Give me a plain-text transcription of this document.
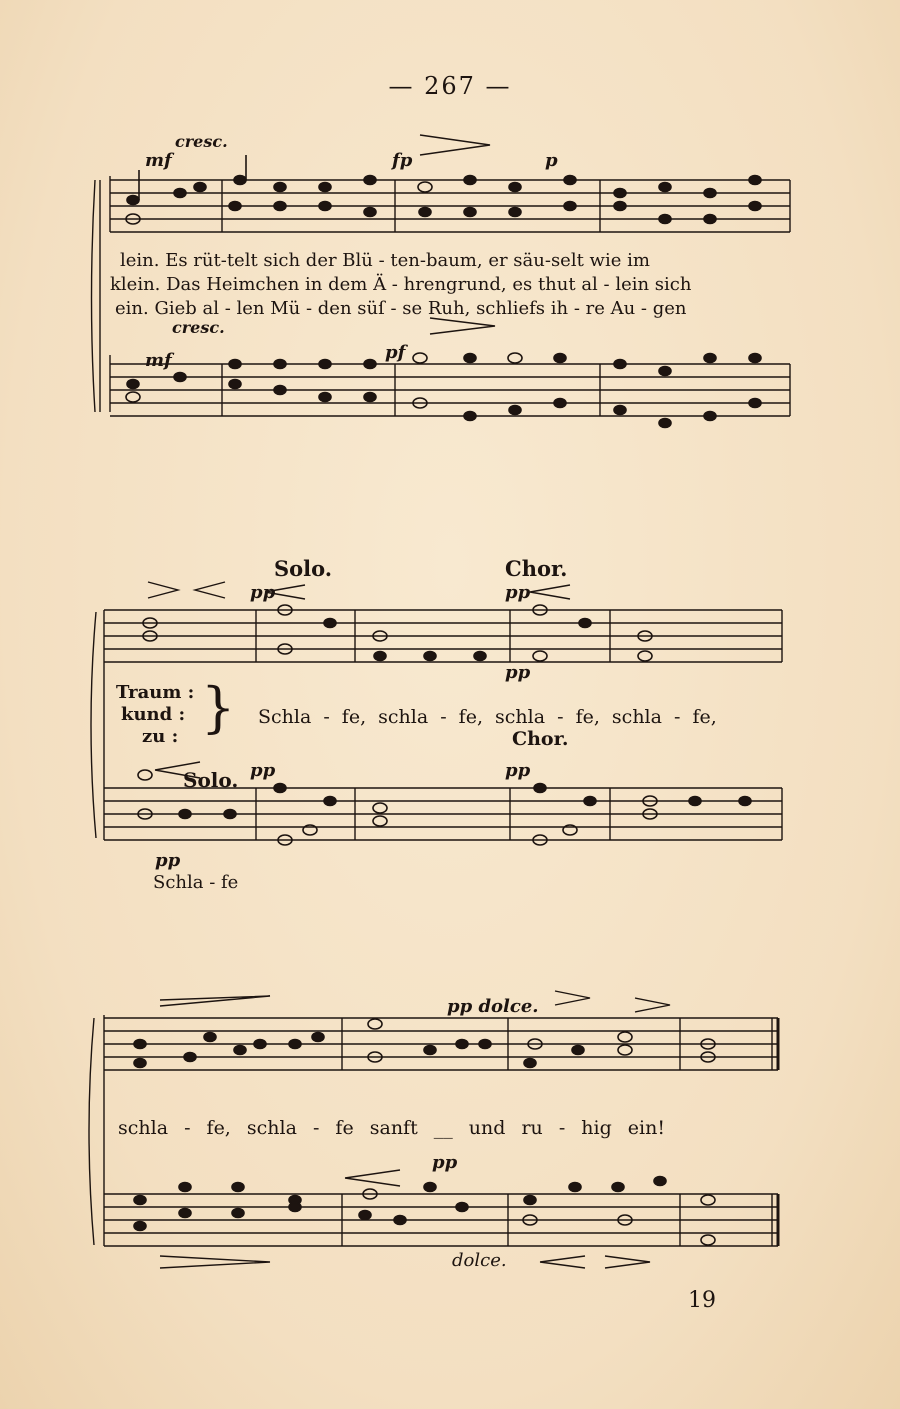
— 267 —
mf
cresc.
fp	p
lein. Es rüt-telt sich der Blü - ten-baum, er säu-selt wie im
klein. Das Heimchen in dem Ä - hrengrund, es thut al - lein sich
ein. Gieb al - len Mü - den süſ - se Ruh, schliefs ih - re Au - gen
cresc.
mf	pf
Solo.	Chor.
pp	pp
pp
Traum :
kund :
zu : } Schla - fe, schla - fe, schla - fe, schla - fe,
Chor.
Solo. pp	pp
pp
Schla - fe
pp dolce.
schla - fe, schla - fe sanft __ und ru - hig ein!
pp
dolce.
19
